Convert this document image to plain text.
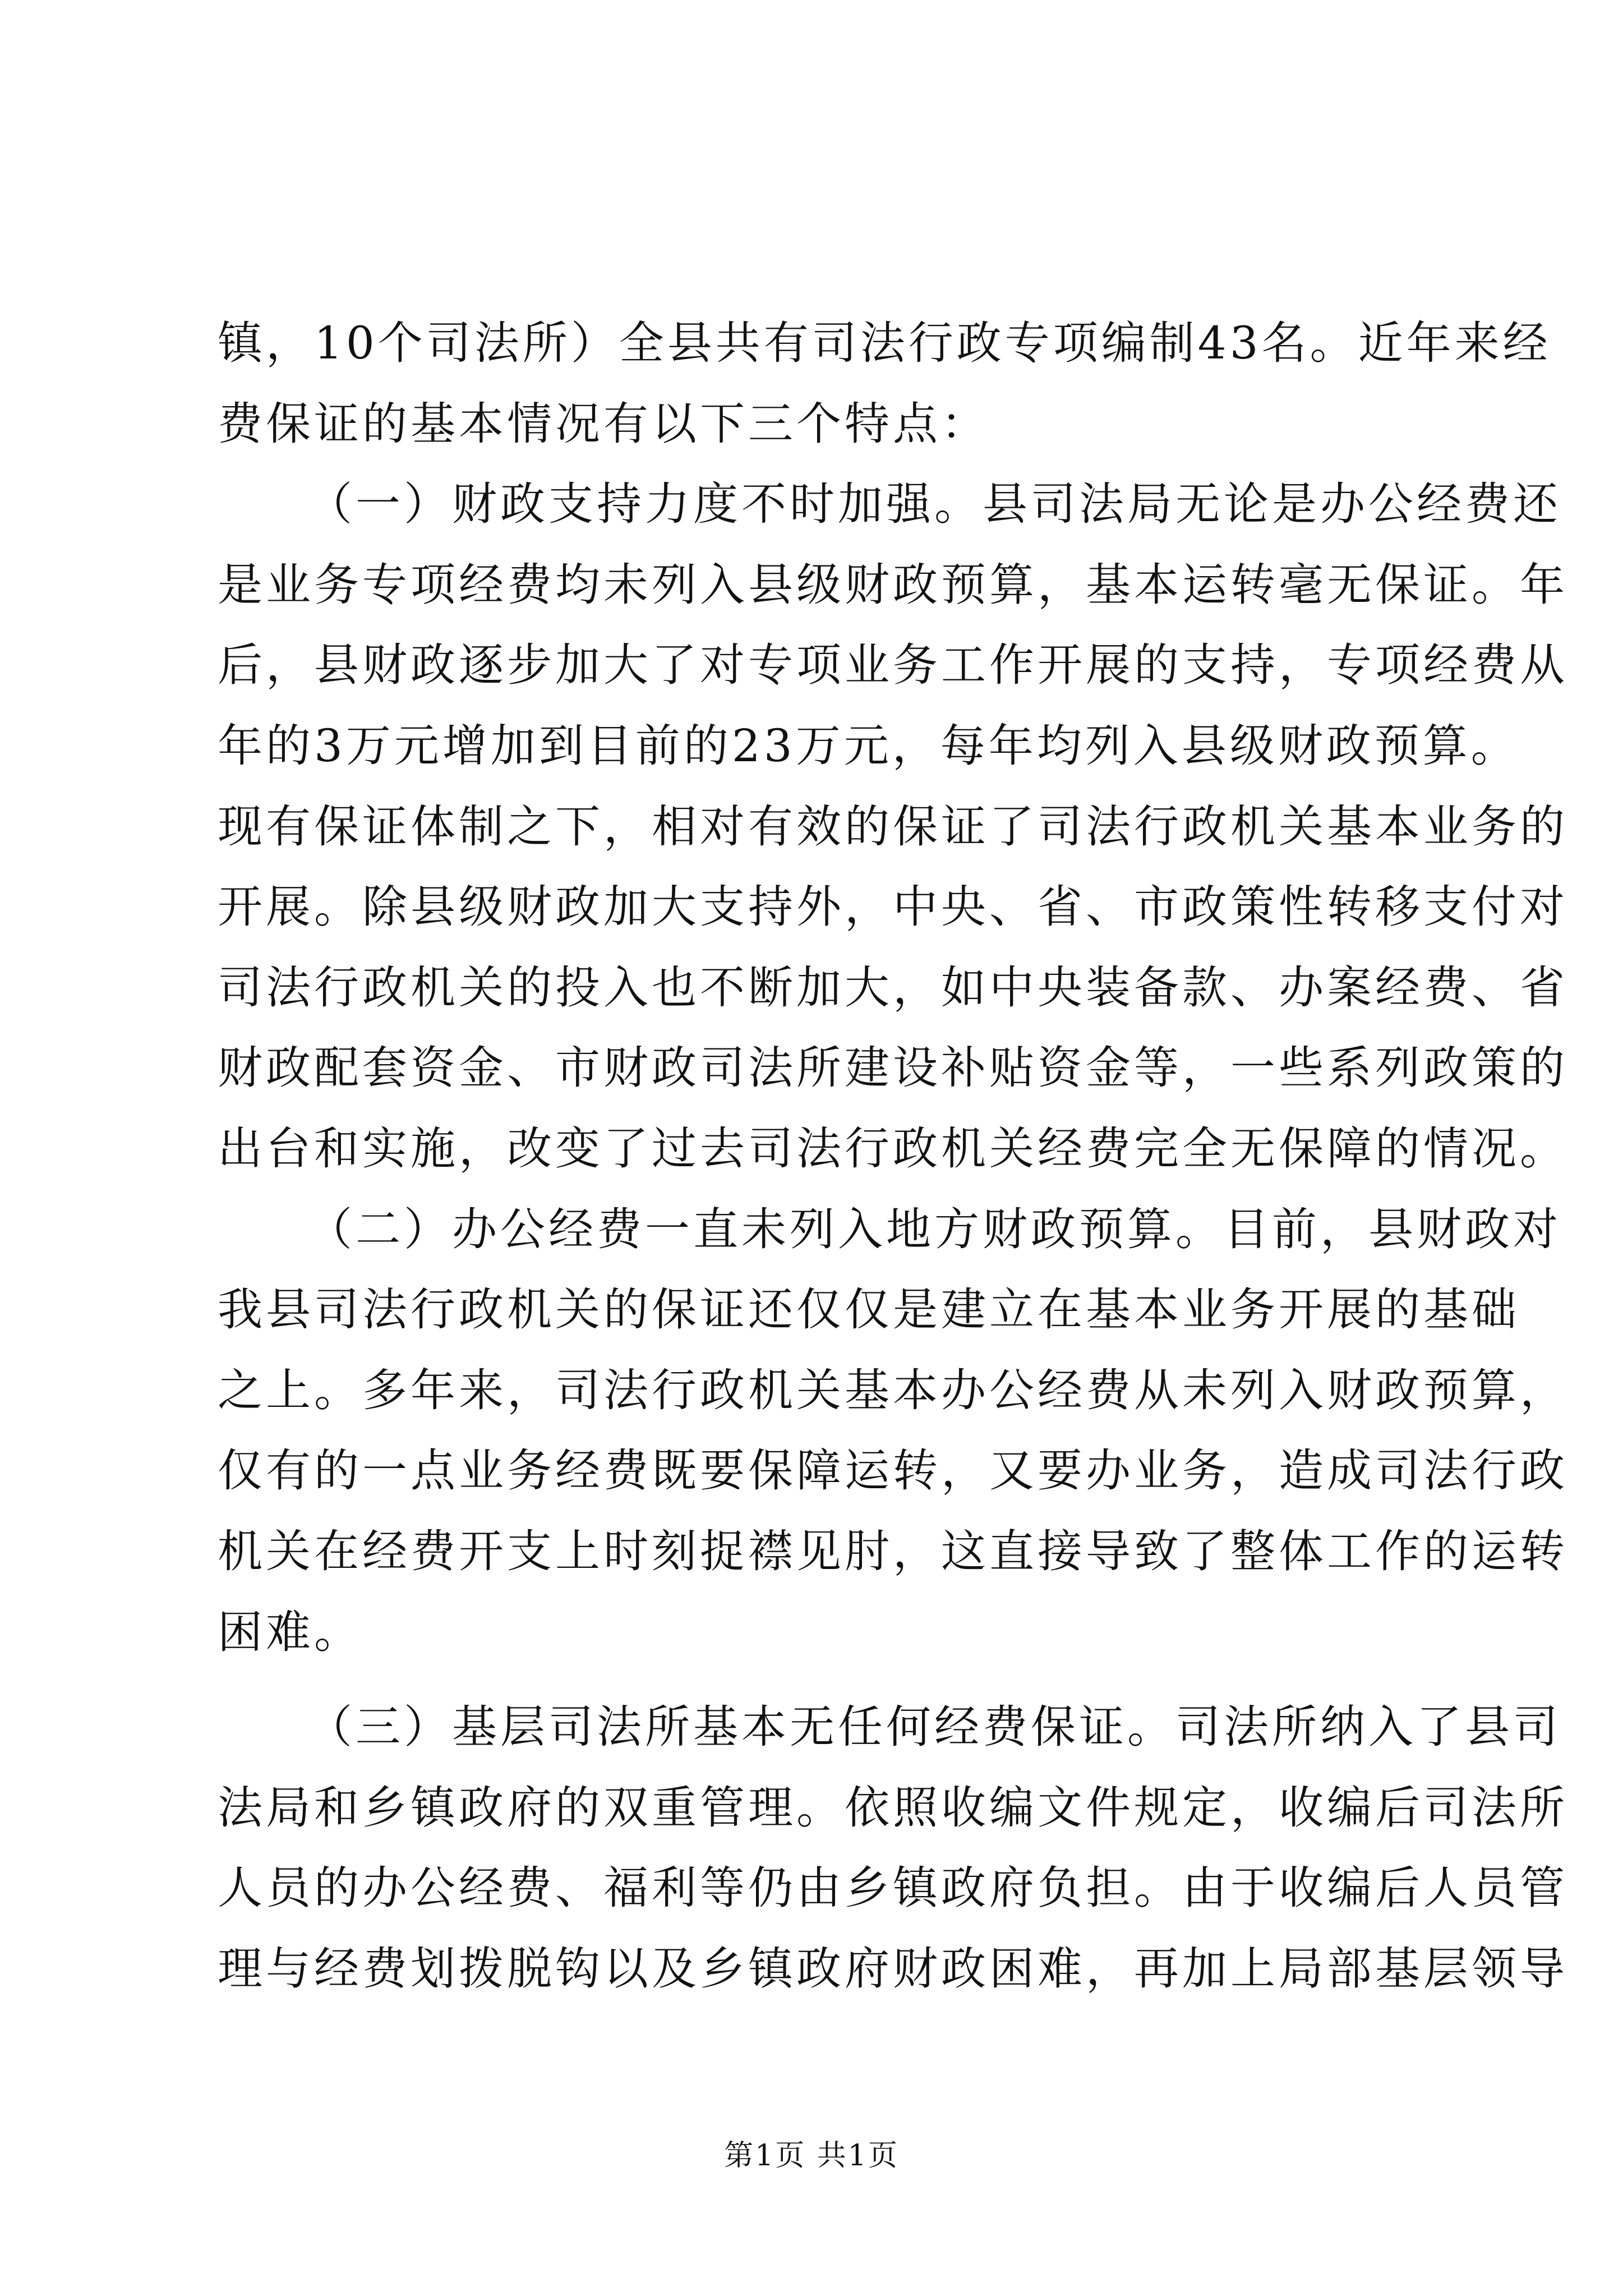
镇，10个司法所）全县共有司法行政专项编制43名。近年来经
费保证的基本情况有以下三个特点：
（一）财政支持力度不时加强。县司法局无论是办公经费还
是业务专项经费均未列入县级财政预算，基本运转毫无保证。年
后，县财政逐步加大了对专项业务工作开展的支持，专项经费从
年的3万元增加到目前的23万元，每年均列入县级财政预算。
现有保证体制之下，相对有效的保证了司法行政机关基本业务的
开展。除县级财政加大支持外，中央、省、市政策性转移支付对
司法行政机关的投入也不断加大，如中央装备款、办案经费、省
财政配套资金、市财政司法所建设补贴资金等，一些系列政策的
出台和实施，改变了过去司法行政机关经费完全无保障的情况。
（二）办公经费一直未列入地方财政预算。目前，县财政对
我县司法行政机关的保证还仅仅是建立在基本业务开展的基础
之上。多年来，司法行政机关基本办公经费从未列入财政预算，
仅有的一点业务经费既要保障运转，又要办业务，造成司法行政
机关在经费开支上时刻捉襟见肘，这直接导致了整体工作的运转
困难。
（三）基层司法所基本无任何经费保证。司法所纳入了县司
法局和乡镇政府的双重管理。依照收编文件规定，收编后司法所
人员的办公经费、福利等仍由乡镇政府负担。由于收编后人员管
理与经费划拨脱钩以及乡镇政府财政困难，再加上局部基层领导
第1页 共1页
